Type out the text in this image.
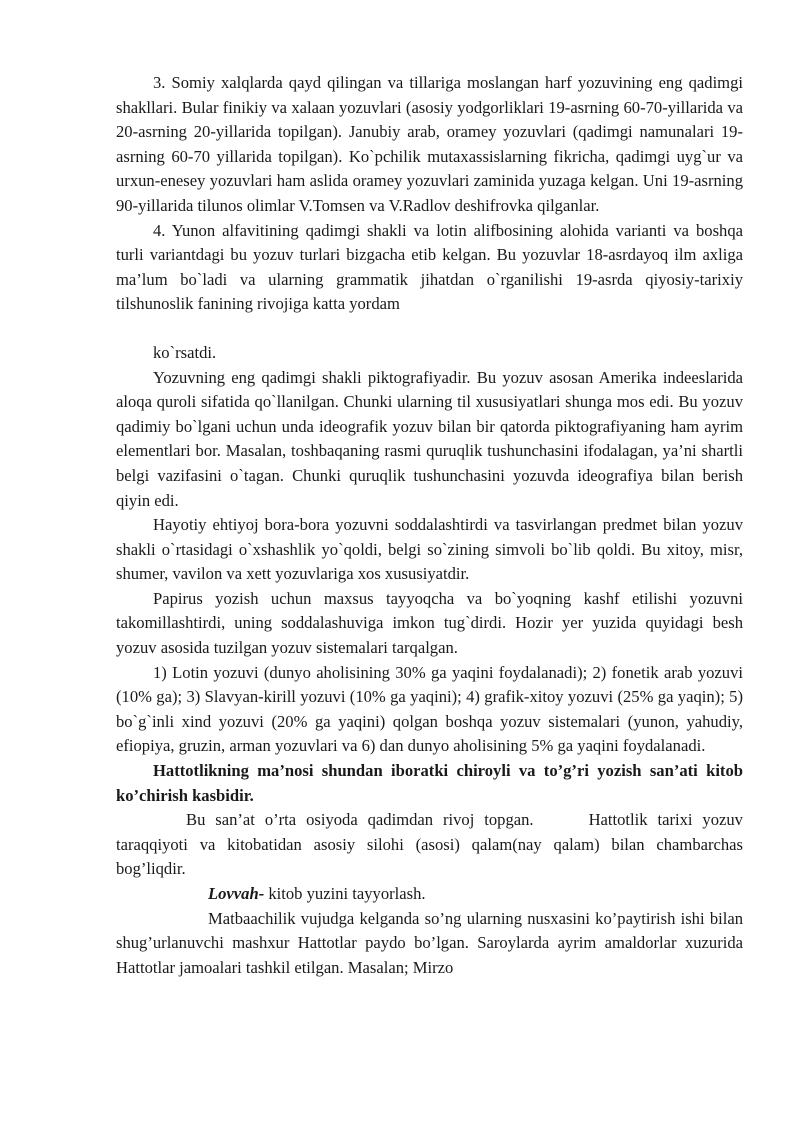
3. Somiy xalqlarda qayd qilingan va tillariga moslangan harf yozuvining eng qadimgi shakllari. Bular finikiy va xalaan yozuvlari (asosiy yodgorliklari 19-asrning 60-70-yillarida va 20-asrning 20-yillarida topilgan). Janubiy arab, oramey yozuvlari (qadimgi namunalari 19-asrning 60-70 yillarida topilgan). Ko`pchilik mutaxassislarning fikricha, qadimgi uyg`ur va urxun-enesey yozuvlari ham aslida oramey yozuvlari zaminida yuzaga kelgan. Uni 19-asrning 90-yillarida tilunos olimlar V.Tomsen va V.Radlov deshifrovka qilganlar.

4. Yunon alfavitining qadimgi shakli va lotin alifbosining alohida varianti va boshqa turli variantdagi bu yozuv turlari bizgacha etib kelgan. Bu yozuvlar 18-asrdayoq ilm axliga ma’lum bo`ladi va ularning grammatik jihatdan o`rganilishi 19-asrda qiyosiy-tarixiy tilshunoslik fanining rivojiga katta yordam

ko`rsatdi.

Yozuvning eng qadimgi shakli piktografiyadir. Bu yozuv asosan Amerika indeeslarida aloqa quroli sifatida qo`llanilgan. Chunki ularning til xususiyatlari shunga mos edi. Bu yozuv qadimiy bo`lgani uchun unda ideografik yozuv bilan bir qatorda piktografiyaning ham ayrim elementlari bor. Masalan, toshbaqaning rasmi quruqlik tushunchasini ifodalagan, ya’ni shartli belgi vazifasini o`tagan. Chunki quruqlik tushunchasini yozuvda ideografiya bilan berish qiyin edi.

Hayotiy ehtiyoj bora-bora yozuvni soddalashtirdi va tasvirlangan predmet bilan yozuv shakli o`rtasidagi o`xshashlik yo`qoldi, belgi so`zining simvoli bo`lib qoldi. Bu xitoy, misr, shumer, vavilon va xett yozuvlariga xos xususiyatdir.

Papirus yozish uchun maxsus tayyoqcha va bo`yoqning kashf etilishi yozuvni takomillashtirdi, uning soddalashuviga imkon tug`dirdi. Hozir yer yuzida quyidagi besh yozuv asosida tuzilgan yozuv sistemalari tarqalgan.

1) Lotin yozuvi (dunyo aholisining 30% ga yaqini foydalanadi); 2) fonetik arab yozuvi (10% ga); 3) Slavyan-kirill yozuvi (10% ga yaqini); 4) grafik-xitoy yozuvi (25% ga yaqin); 5) bo`g`inli xind yozuvi (20% ga yaqini) qolgan boshqa yozuv sistemalari (yunon, yahudiy, efiopiya, gruzin, arman yozuvlari va 6) dan dunyo aholisining 5% ga yaqini foydalanadi.

Hattotlikning ma’nosi shundan iboratki chiroyli va to’g’ri yozish san’ati kitob ko’chirish kasbidir.

Bu san’at o’rta osiyoda qadimdan rivoj topgan.	Hattotlik tarixi yozuv taraqqiyoti va kitobatidan asosiy silohi (asosi) qalam(nay qalam) bilan chambarchas bog’liqdir.

Lovvah- kitob yuzini tayyorlash.

Matbaachilik vujudga kelganda so’ng ularning nusxasini ko’paytirish ishi bilan shug’urlanuvchi mashxur Hattotlar paydo bo’lgan. Saroylarda ayrim amaldorlar xuzurida Hattotlar jamoalari tashkil etilgan. Masalan; Mirzo
